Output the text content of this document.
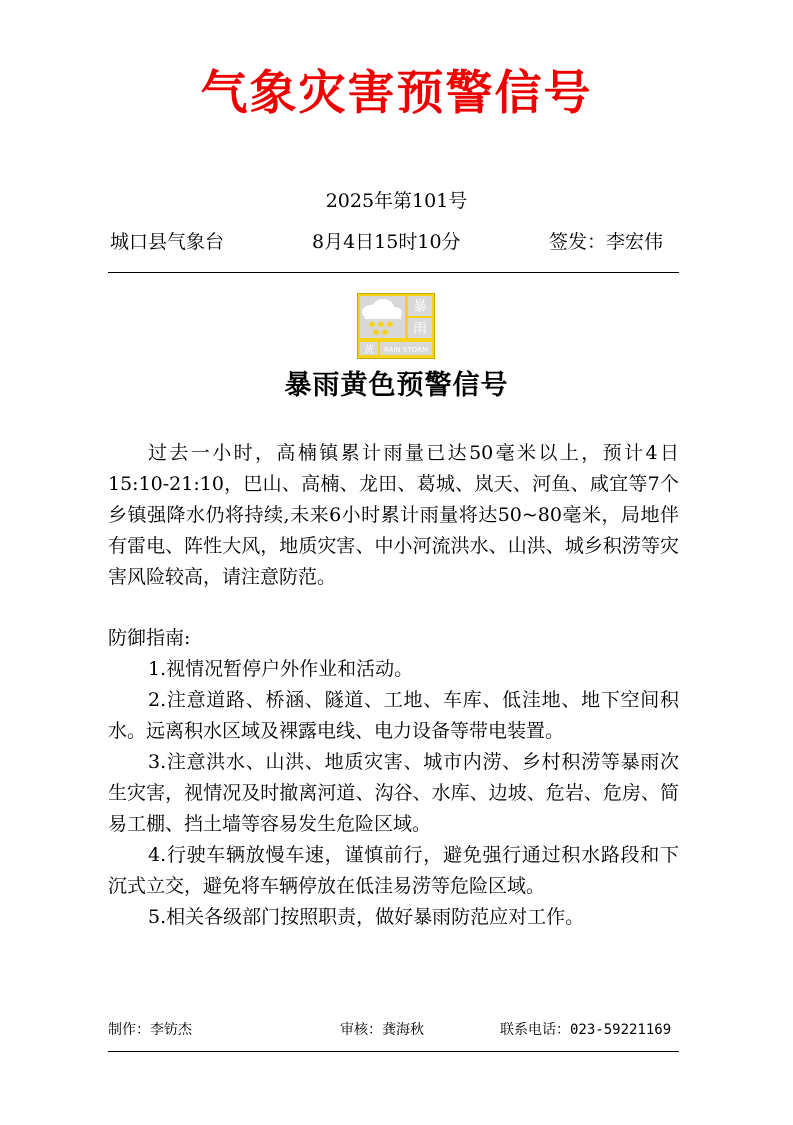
气象灾害预警信号
2025年第101号
城口县气象台	8月4日15时10分	签发：李宏伟
暴
雨
黄 RAIN STORM
暴雨黄色预警信号
过去一小时，高楠镇累计雨量已达50毫米以上，预计4日15:10-21:10，巴山、高楠、龙田、葛城、岚天、河鱼、咸宜等7个乡镇强降水仍将持续,未来6小时累计雨量将达50~80毫米，局地伴有雷电、阵性大风，地质灾害、中小河流洪水、山洪、城乡积涝等灾害风险较高，请注意防范。
防御指南:
1.视情况暂停户外作业和活动。
2.注意道路、桥涵、隧道、工地、车库、低洼地、地下空间积水。远离积水区域及裸露电线、电力设备等带电装置。
3.注意洪水、山洪、地质灾害、城市内涝、乡村积涝等暴雨次生灾害，视情况及时撤离河道、沟谷、水库、边坡、危岩、危房、简易工棚、挡土墙等容易发生危险区域。
4.行驶车辆放慢车速，谨慎前行，避免强行通过积水路段和下沉式立交，避免将车辆停放在低洼易涝等危险区域。
5.相关各级部门按照职责，做好暴雨防范应对工作。
制作：李钫杰	审核：龚海秋	联系电话：023-59221169
